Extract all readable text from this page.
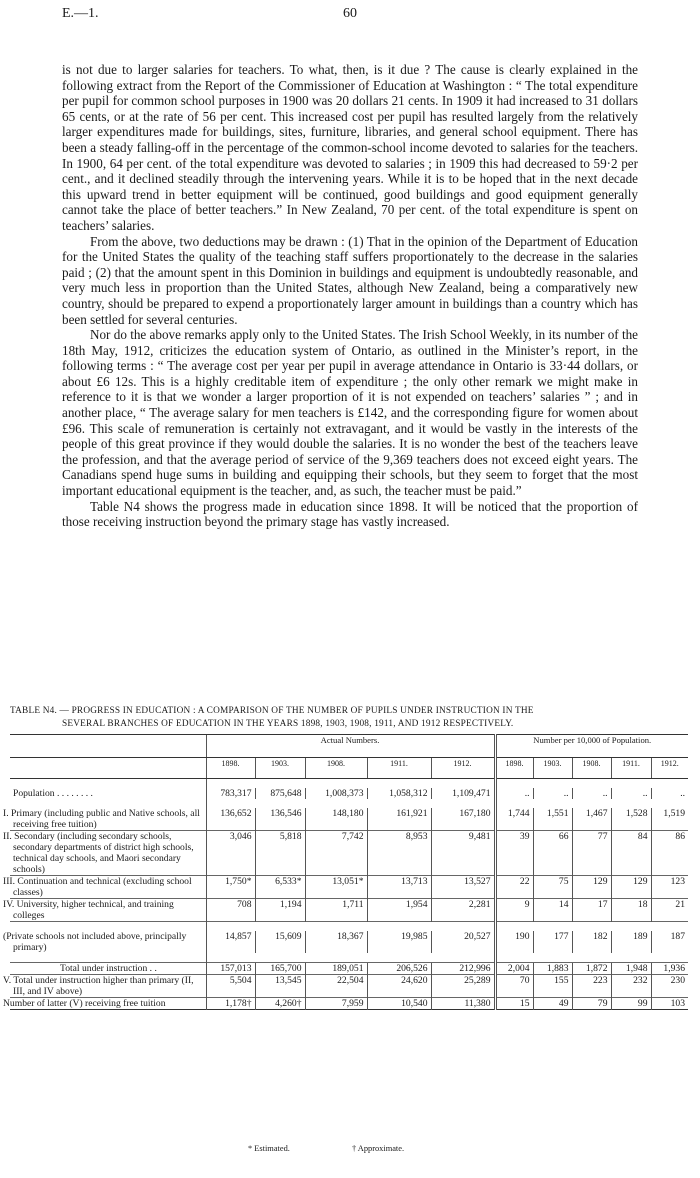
E.—1.	60

is not due to larger salaries for teachers. To what, then, is it due ? The cause is clearly explained in the following extract from the Report of the Commissioner of Education at Washington : “ The total expenditure per pupil for common school purposes in 1900 was 20 dollars 21 cents. In 1909 it had increased to 31 dollars 65 cents, or at the rate of 56 per cent. This increased cost per pupil has resulted largely from the relatively larger expenditures made for buildings, sites, furniture, libraries, and general school equipment. There has been a steady falling-off in the percentage of the common-school income devoted to salaries for the teachers. In 1900, 64 per cent. of the total expenditure was devoted to salaries ; in 1909 this had decreased to 59·2 per cent., and it declined steadily through the intervening years. While it is to be hoped that in the next decade this upward trend in better equipment will be continued, good buildings and good equipment generally cannot take the place of better teachers.” In New Zealand, 70 per cent. of the total expenditure is spent on teachers’ salaries.

From the above, two deductions may be drawn : (1) That in the opinion of the Department of Education for the United States the quality of the teaching staff suffers proportionately to the decrease in the salaries paid ; (2) that the amount spent in this Dominion in buildings and equipment is undoubtedly reasonable, and very much less in proportion than the United States, although New Zealand, being a comparatively new country, should be prepared to expend a proportionately larger amount in buildings than a country which has been settled for several centuries.

Nor do the above remarks apply only to the United States. The Irish School Weekly, in its number of the 18th May, 1912, criticizes the education system of Ontario, as outlined in the Minister’s report, in the following terms : “ The average cost per year per pupil in average attendance in Ontario is 33·44 dollars, or about £6 12s. This is a highly creditable item of expenditure ; the only other remark we might make in reference to it is that we wonder a larger proportion of it is not expended on teachers’ salaries ” ; and in another place, “ The average salary for men teachers is £142, and the corresponding figure for women about £96. This scale of remuneration is certainly not extravagant, and it would be vastly in the interests of the people of this great province if they would double the salaries. It is no wonder the best of the teachers leave the profession, and that the average period of service of the 9,369 teachers does not exceed eight years. The Canadians spend huge sums in building and equipping their schools, but they seem to forget that the most important educational equipment is the teacher, and, as such, the teacher must be paid.”

Table N4 shows the progress made in education since 1898. It will be noticed that the proportion of those receiving instruction beyond the primary stage has vastly increased.

TABLE N4. — PROGRESS IN EDUCATION : A COMPARISON OF THE NUMBER OF PUPILS UNDER INSTRUCTION IN THE
SEVERAL BRANCHES OF EDUCATION IN THE YEARS 1898, 1903, 1908, 1911, AND 1912 RESPECTIVELY.
	Actual Numbers.					Number per 10,000 of Population.				
	1898.	1903.	1908.	1911.	1912.	1898.	1903.	1908.	1911.	1912.

Population . . . . . . . .	783,317	875,648	1,008,373	1,058,312	1,109,471	..	..	..	..	..

I. Primary (including public and Native schools, all receiving free tuition)	136,652	136,546	148,180	161,921	167,180	1,744	1,551	1,467	1,528	1,519
II. Secondary (including secondary schools, secondary departments of district high schools, technical day schools, and Maori secondary schools)	3,046	5,818	7,742	8,953	9,481	39	66	77	84	86
III. Continuation and technical (excluding school classes)	1,750*	6,533*	13,051*	13,713	13,527	22	75	129	129	123
IV. University, higher technical, and training colleges	708	1,194	1,711	1,954	2,281	9	14	17	18	21

(Private schools not included above, principally primary)	14,857	15,609	18,367	19,985	20,527	190	177	182	189	187

Total under instruction . .	157,013	165,700	189,051	206,526	212,996	2,004	1,883	1,872	1,948	1,936
V. Total under instruction higher than primary (II, III, and IV above)	5,504	13,545	22,504	24,620	25,289	70	155	223	232	230
Number of latter (V) receiving free tuition	1,178†	4,260†	7,959	10,540	11,380	15	49	79	99	103
* Estimated.	† Approximate.
